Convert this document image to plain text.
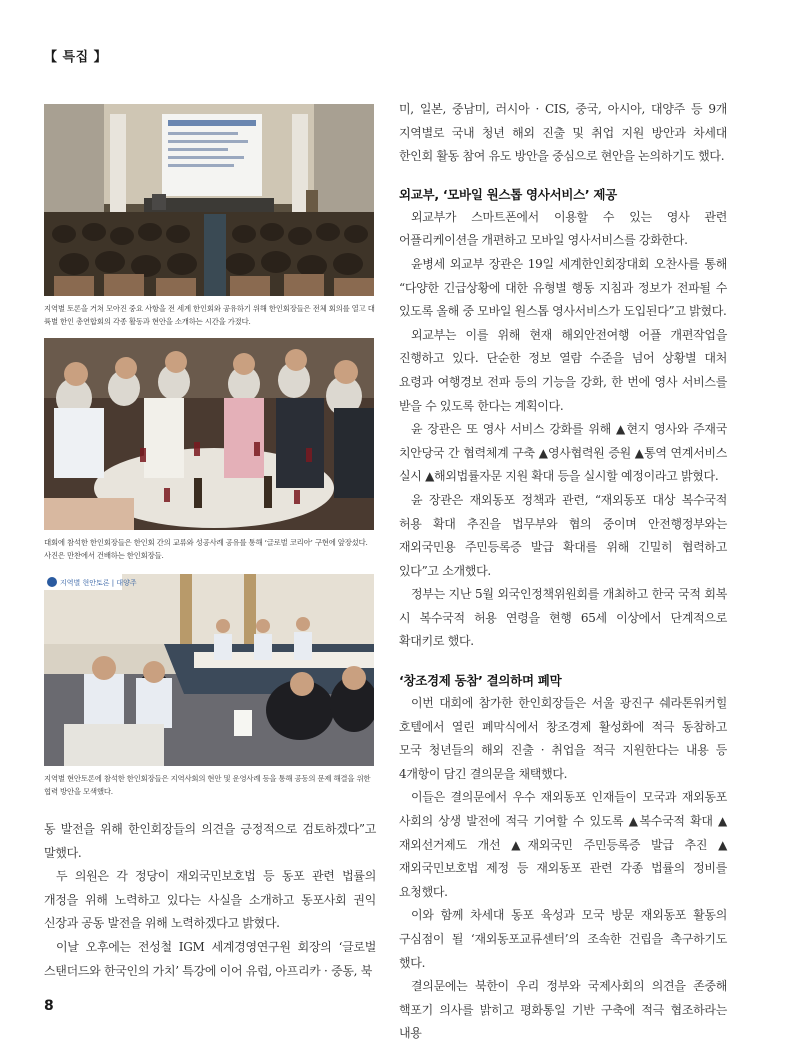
【 특집 】
지역별 토론을 거쳐 모아진 중요 사항을 전 세계 한인회와 공유하기 위해 한인회장들은 전체 회의를 열고 대륙별 한인 총연합회의 각종 활동과 현안을 소개하는 시간을 가졌다.
대회에 참석한 한인회장들은 한인회 간의 교류와 성공사례 공유를 통해 ‘글로벌 코리아’ 구현에 앞장섰다. 사진은 만찬에서 건배하는 한인회장들.
지역별 현안토론 | 대양주
지역별 현안토론에 참석한 한인회장들은 지역사회의 현안 및 운영사례 등을 통해 공동의 문제 해결을 위한 협력 방안을 모색했다.

동 발전을 위해 한인회장들의 의견을 긍정적으로 검토하겠다”고 말했다.

두 의원은 각 정당이 재외국민보호법 등 동포 관련 법률의 개정을 위해 노력하고 있다는 사실을 소개하고 동포사회 권익 신장과 공동 발전을 위해 노력하겠다고 밝혔다.

이날 오후에는 전성철 IGM 세계경영연구원 회장의 ‘글로벌 스탠더드와 한국인의 가치’ 특강에 이어 유럽, 아프리카 · 중동, 북

미, 일본, 중남미, 러시아 · CIS, 중국, 아시아, 대양주 등 9개 지역별로 국내 청년 해외 진출 및 취업 지원 방안과 차세대 한인회 활동 참여 유도 방안을 중심으로 현안을 논의하기도 했다.

외교부, ‘모바일 원스톱 영사서비스’ 제공

외교부가 스마트폰에서 이용할 수 있는 영사 관련 어플리케이션을 개편하고 모바일 영사서비스를 강화한다.

윤병세 외교부 장관은 19일 세계한인회장대회 오찬사를 통해 “다양한 긴급상황에 대한 유형별 행동 지침과 정보가 전파될 수 있도록 올해 중 모바일 원스톱 영사서비스가 도입된다”고 밝혔다.

외교부는 이를 위해 현재 해외안전여행 어플 개편작업을 진행하고 있다. 단순한 정보 열람 수준을 넘어 상황별 대처 요령과 여행경보 전파 등의 기능을 강화, 한 번에 영사 서비스를 받을 수 있도록 한다는 계획이다.

윤 장관은 또 영사 서비스 강화를 위해 ▲현지 영사와 주재국 치안당국 간 협력체계 구축 ▲영사협력원 증원 ▲통역 연계서비스 실시 ▲해외법률자문 지원 확대 등을 실시할 예정이라고 밝혔다.

윤 장관은 재외동포 정책과 관련, “재외동포 대상 복수국적 허용 확대 추진을 법무부와 협의 중이며 안전행정부와는 재외국민용 주민등록증 발급 확대를 위해 긴밀히 협력하고 있다”고 소개했다.

정부는 지난 5월 외국인정책위원회를 개최하고 한국 국적 회복 시 복수국적 허용 연령을 현행 65세 이상에서 단계적으로 확대키로 했다.

‘창조경제 동참’ 결의하며 폐막

이번 대회에 참가한 한인회장들은 서울 광진구 쉐라톤워커힐 호텔에서 열린 폐막식에서 창조경제 활성화에 적극 동참하고 모국 청년들의 해외 진출 · 취업을 적극 지원한다는 내용 등 4개항이 담긴 결의문을 채택했다.

이들은 결의문에서 우수 재외동포 인재들이 모국과 재외동포 사회의 상생 발전에 적극 기여할 수 있도록 ▲복수국적 확대 ▲재외선거제도 개선 ▲재외국민 주민등록증 발급 추진 ▲재외국민보호법 제정 등 재외동포 관련 각종 법률의 정비를 요청했다.

이와 함께 차세대 동포 육성과 모국 방문 재외동포 활동의 구심점이 될 ‘재외동포교류센터’의 조속한 건립을 촉구하기도 했다.

결의문에는 북한이 우리 정부와 국제사회의 의견을 존중해 핵포기 의사를 밝히고 평화통일 기반 구축에 적극 협조하라는 내용

8
